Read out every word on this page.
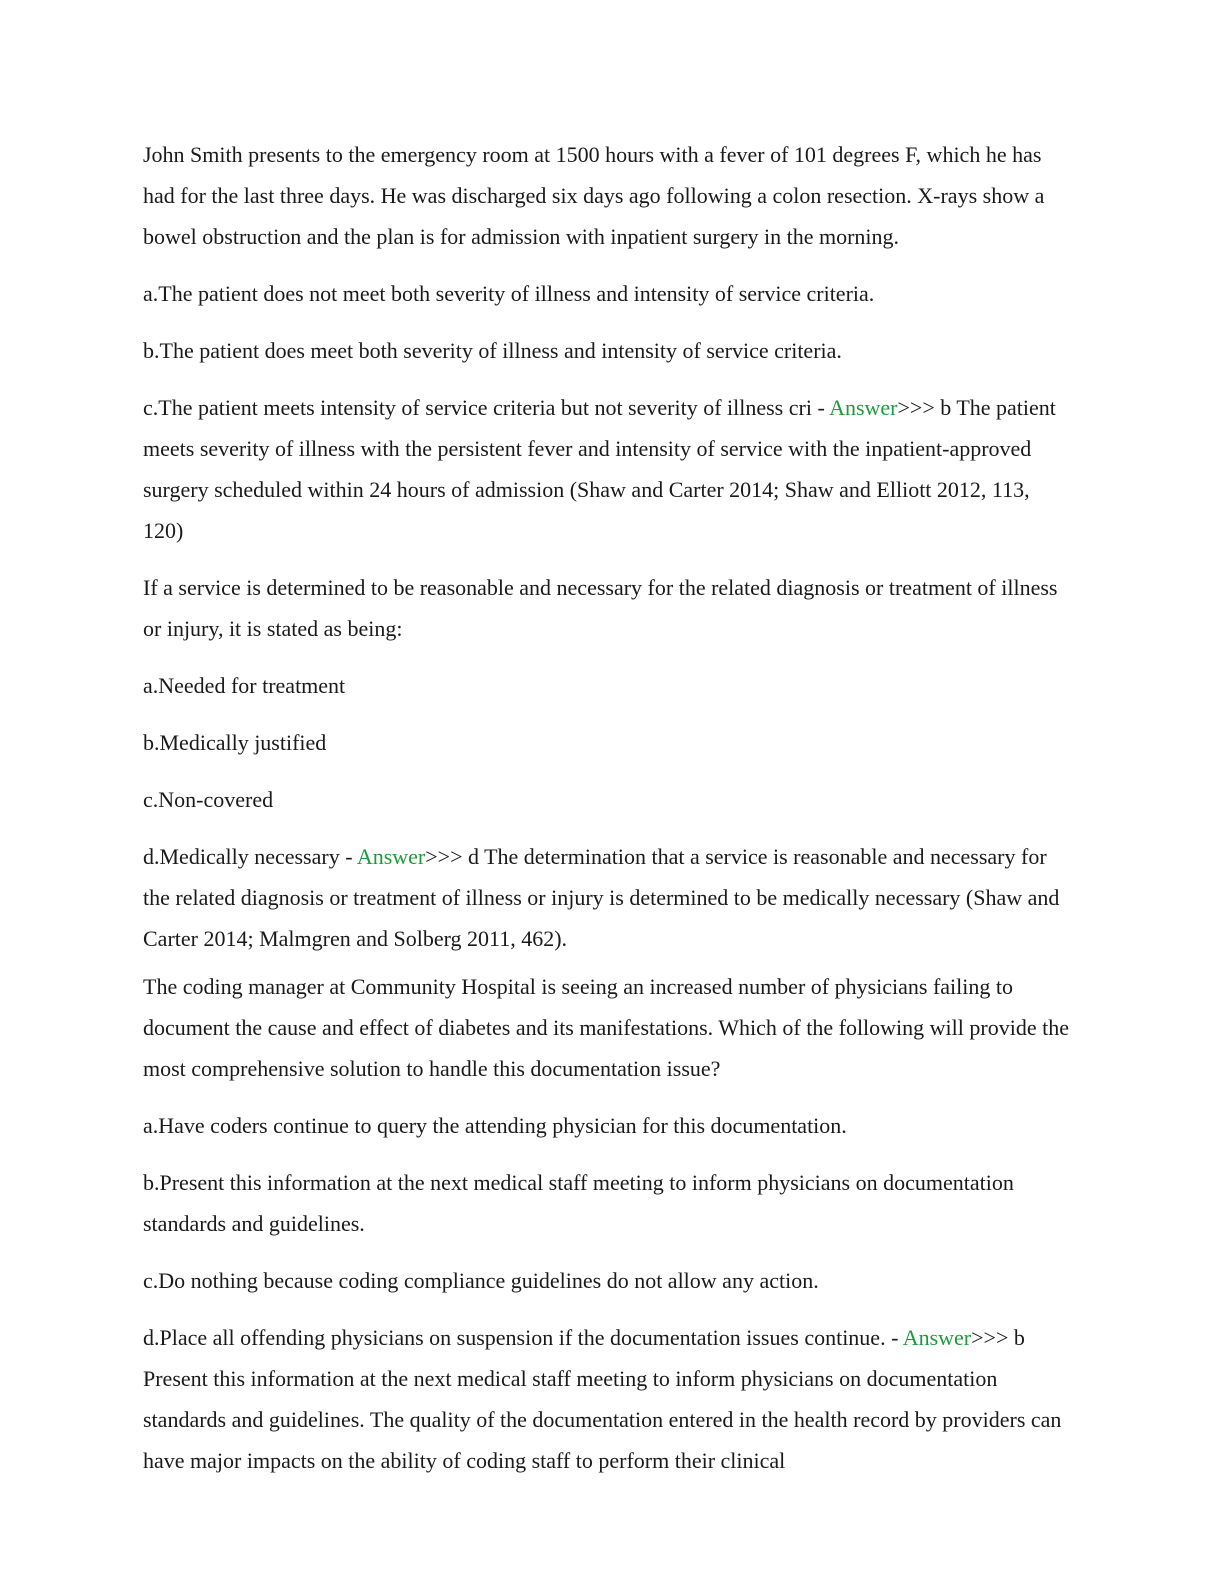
John Smith presents to the emergency room at 1500 hours with a fever of 101 degrees F, which he has had for the last three days. He was discharged six days ago following a colon resection. X-rays show a bowel obstruction and the plan is for admission with inpatient surgery in the morning.

a.The patient does not meet both severity of illness and intensity of service criteria.

b.The patient does meet both severity of illness and intensity of service criteria.

c.The patient meets intensity of service criteria but not severity of illness cri - Answer>>> b The patient meets severity of illness with the persistent fever and intensity of service with the inpatient-approved surgery scheduled within 24 hours of admission (Shaw and Carter 2014; Shaw and Elliott 2012, 113, 120)

If a service is determined to be reasonable and necessary for the related diagnosis or treatment of illness or injury, it is stated as being:

a.Needed for treatment

b.Medically justified

c.Non-covered

d.Medically necessary - Answer>>> d The determination that a service is reasonable and necessary for the related diagnosis or treatment of illness or injury is determined to be medically necessary (Shaw and Carter 2014; Malmgren and Solberg 2011, 462).

The coding manager at Community Hospital is seeing an increased number of physicians failing to document the cause and effect of diabetes and its manifestations. Which of the following will provide the most comprehensive solution to handle this documentation issue?

a.Have coders continue to query the attending physician for this documentation.

b.Present this information at the next medical staff meeting to inform physicians on documentation standards and guidelines.

c.Do nothing because coding compliance guidelines do not allow any action.

d.Place all offending physicians on suspension if the documentation issues continue. - Answer>>> b Present this information at the next medical staff meeting to inform physicians on documentation standards and guidelines. The quality of the documentation entered in the health record by providers can have major impacts on the ability of coding staff to perform their clinical
